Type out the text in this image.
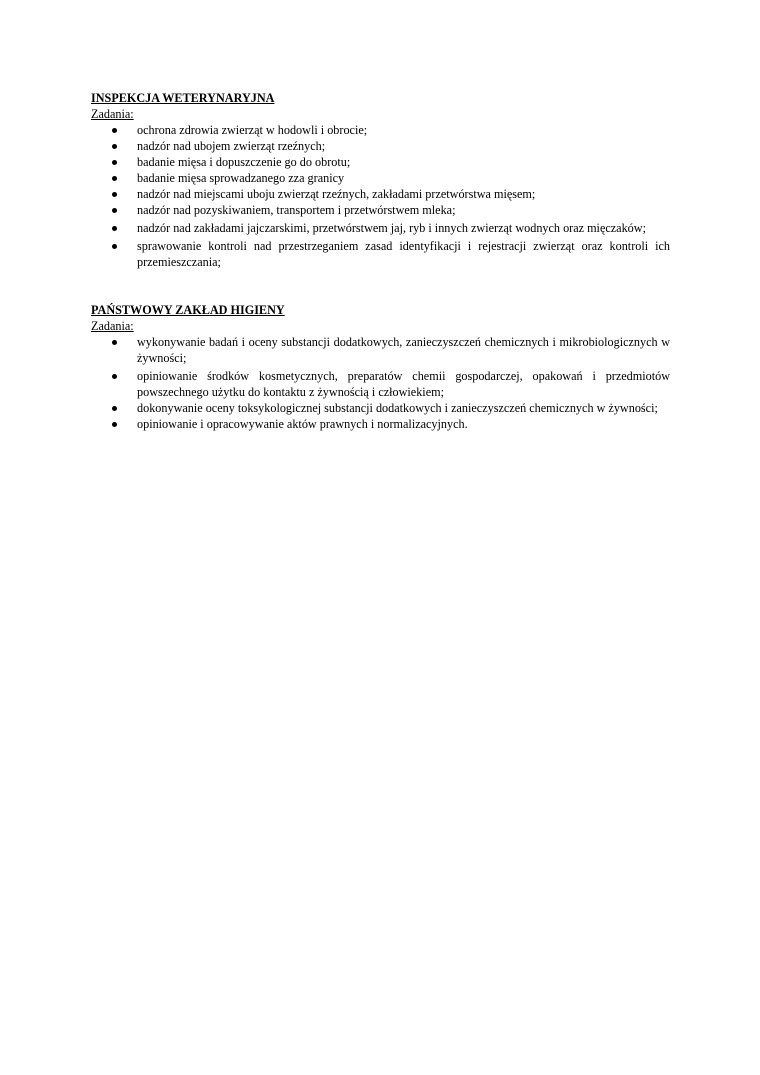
INSPEKCJA WETERYNARYJNA

Zadania:

ochrona zdrowia zwierząt w hodowli i obrocie;
nadzór nad ubojem zwierząt rzeźnych;
badanie mięsa i dopuszczenie go do obrotu;
badanie mięsa sprowadzanego zza granicy
nadzór nad miejscami uboju zwierząt rzeźnych, zakładami przetwórstwa mięsem;
nadzór nad pozyskiwaniem, transportem i przetwórstwem mleka;
nadzór nad zakładami jajczarskimi, przetwórstwem jaj, ryb i innych zwierząt wodnych oraz mięczaków;
sprawowanie kontroli nad przestrzeganiem zasad identyfikacji i rejestracji zwierząt oraz kontroli ich przemieszczania;

PAŃSTWOWY ZAKŁAD HIGIENY

Zadania:

wykonywanie badań i oceny substancji dodatkowych, zanieczyszczeń chemicznych i mikrobiologicznych w żywności;
opiniowanie środków kosmetycznych, preparatów chemii gospodarczej, opakowań i przedmiotów powszechnego użytku do kontaktu z żywnością i człowiekiem;
dokonywanie oceny toksykologicznej substancji dodatkowych i zanieczyszczeń chemicznych w żywności;
opiniowanie i opracowywanie aktów prawnych i normalizacyjnych.
